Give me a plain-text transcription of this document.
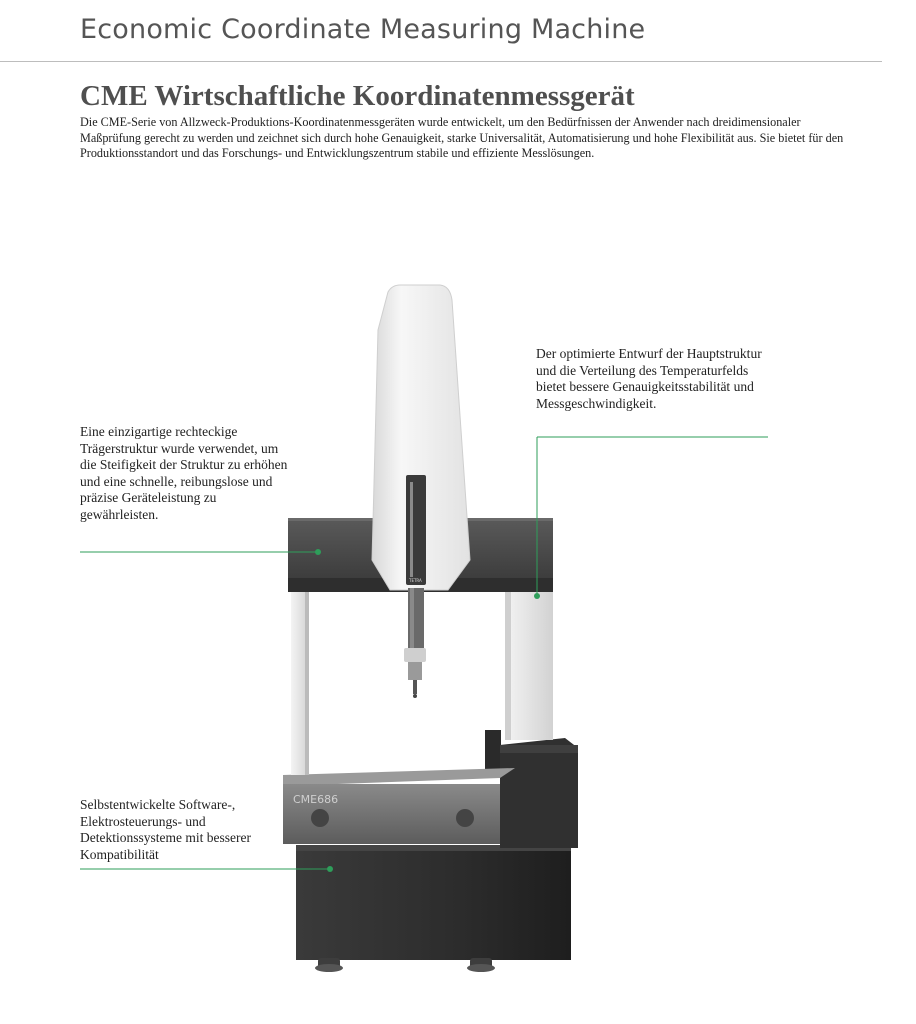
Economic Coordinate Measuring Machine
CME Wirtschaftliche Koordinatenmessgerät
Die CME-Serie von Allzweck-Produktions-Koordinatenmessgeräten wurde entwickelt, um den Bedürfnissen der Anwender nach dreidimensionaler Maßprüfung gerecht zu werden und zeichnet sich durch hohe Genauigkeit, starke Universalität, Automatisierung und hohe Flexibilität aus. Sie bietet für den Produktionsstandort und das Forschungs- und Entwicklungszentrum stabile und effiziente Messlösungen.
CME686
TETRA
Eine einzigartige rechteckige Trägerstruktur wurde verwendet, um die Steifigkeit der Struktur zu erhöhen und eine schnelle, reibungslose und präzise Geräteleistung zu gewährleisten.
Der optimierte Entwurf der Hauptstruktur und die Verteilung des Temperaturfelds bietet bessere Genauigkeitsstabilität und Messgeschwindigkeit.
Selbstentwickelte Software-, Elektrosteuerungs- und Detektionssysteme mit besserer Kompatibilität
